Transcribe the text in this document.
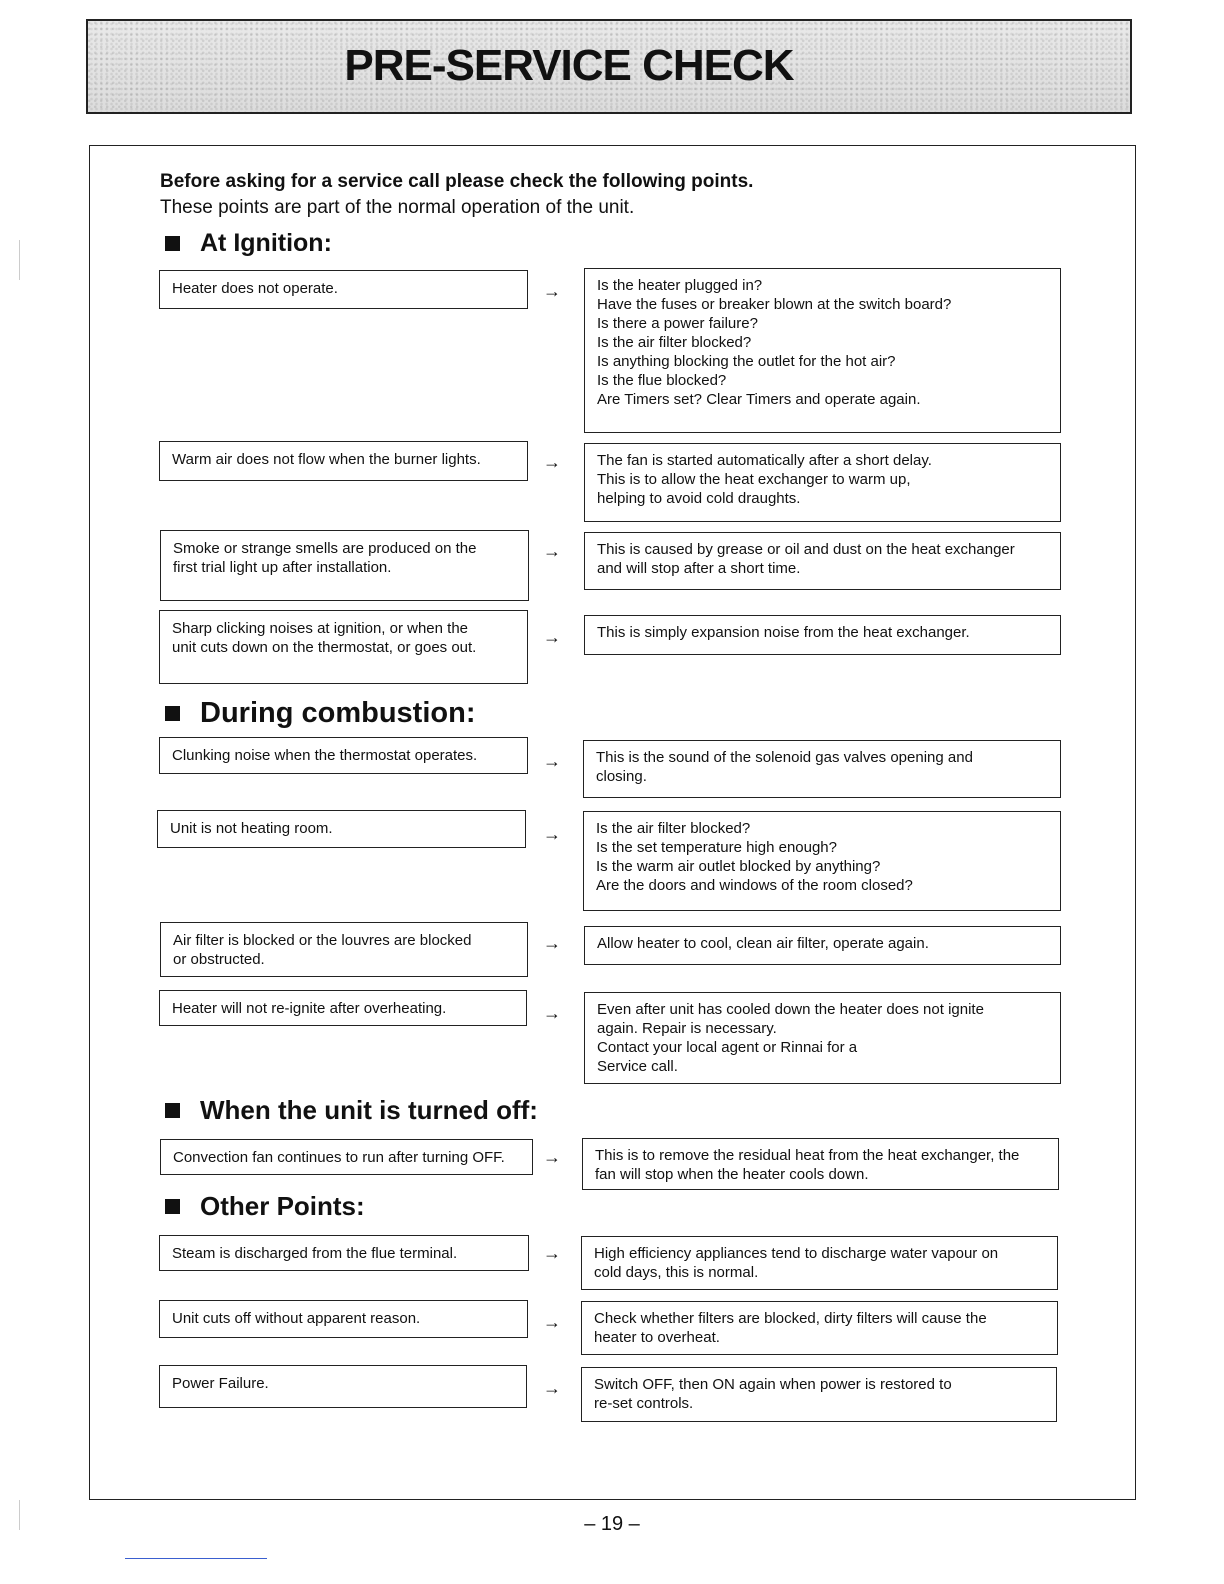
PRE-SERVICE CHECK
Before asking for a service call please check the following points.
These points are part of the normal operation of the unit.
At Ignition:
Heater does not operate.	→ Is the heater plugged in?
Have the fuses or breaker blown at the switch board?
Is there a power failure?
Is the air filter blocked?
Is anything blocking the outlet for the hot air?
Is the flue blocked?
Are Timers set? Clear Timers and operate again.
Warm air does not flow when the burner lights.	→ The fan is started automatically after a short delay.
This is to allow the heat exchanger to warm up,
helping to avoid cold draughts.
Smoke or strange smells are produced on the
first trial light up after installation.
→ This is caused by grease or oil and dust on the heat exchanger
and will stop after a short time.
Sharp clicking noises at ignition, or when the
unit cuts down on the thermostat, or goes out.
→ This is simply expansion noise from the heat exchanger.
During combustion:
Clunking noise when the thermostat operates.	→ This is the sound of the solenoid gas valves opening and
closing.
Unit is not heating room.	→ Is the air filter blocked?
Is the set temperature high enough?
Is the warm air outlet blocked by anything?
Are the doors and windows of the room closed?
Air filter is blocked or the louvres are blocked
or obstructed.
→ Allow heater to cool, clean air filter, operate again.
Heater will not re-ignite after overheating.	→ Even after unit has cooled down the heater does not ignite
again. Repair is necessary.
Contact your local agent or Rinnai for a
Service call.
When the unit is turned off:
Convection fan continues to run after turning OFF.	→ This is to remove the residual heat from the heat exchanger, the
fan will stop when the heater cools down.
Other Points:
Steam is discharged from the flue terminal.	→ High efficiency appliances tend to discharge water vapour on
cold days, this is normal.
Unit cuts off without apparent reason.	→ Check whether filters are blocked, dirty filters will cause the
heater to overheat.
Power Failure.	→ Switch OFF, then ON again when power is restored to
re-set controls.
– 19 –
